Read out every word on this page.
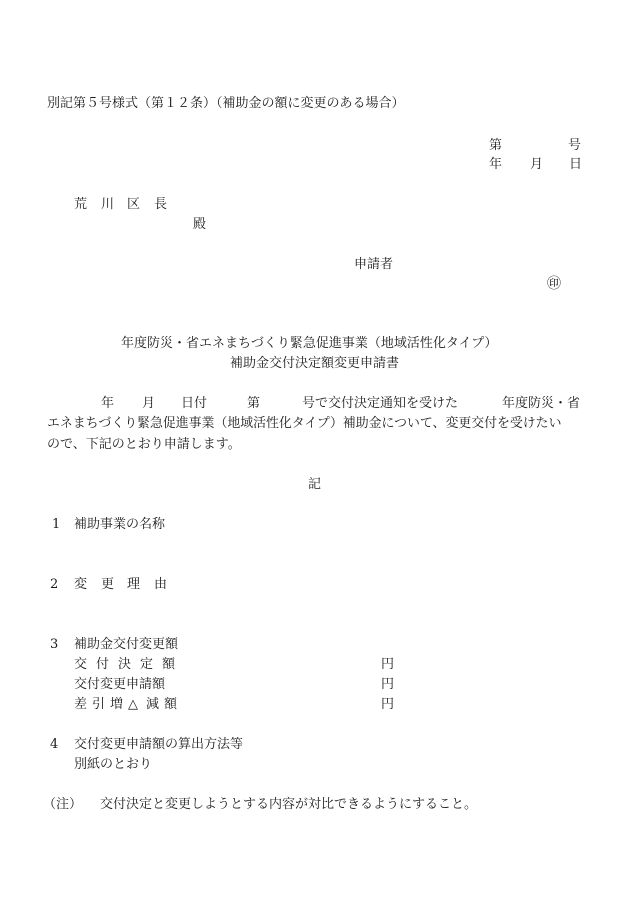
別記第５号様式（第１２条）（補助金の額に変更のある場合）
第	号
年 月 日
荒 川 区 長
殿
申請者
㊞
年度防災・省エネまちづくり緊急促進事業（地域活性化タイプ）
補助金交付決定額変更申請書
年 月 日付	第	号で交付決定通知を受けた	年度防災・省
エネまちづくり緊急促進事業（地域活性化タイプ）補助金について、変更交付を受けたい
ので、下記のとおり申請します。
記
1 補助事業の名称
2 変 更 理 由
3 補助金交付変更額
交 付 決 定 額	円
交付変更申請額	円
差 引 増 △ 減 額	円
4 交付変更申請額の算出方法等
別紙のとおり
（注） 交付決定と変更しようとする内容が対比できるようにすること。
